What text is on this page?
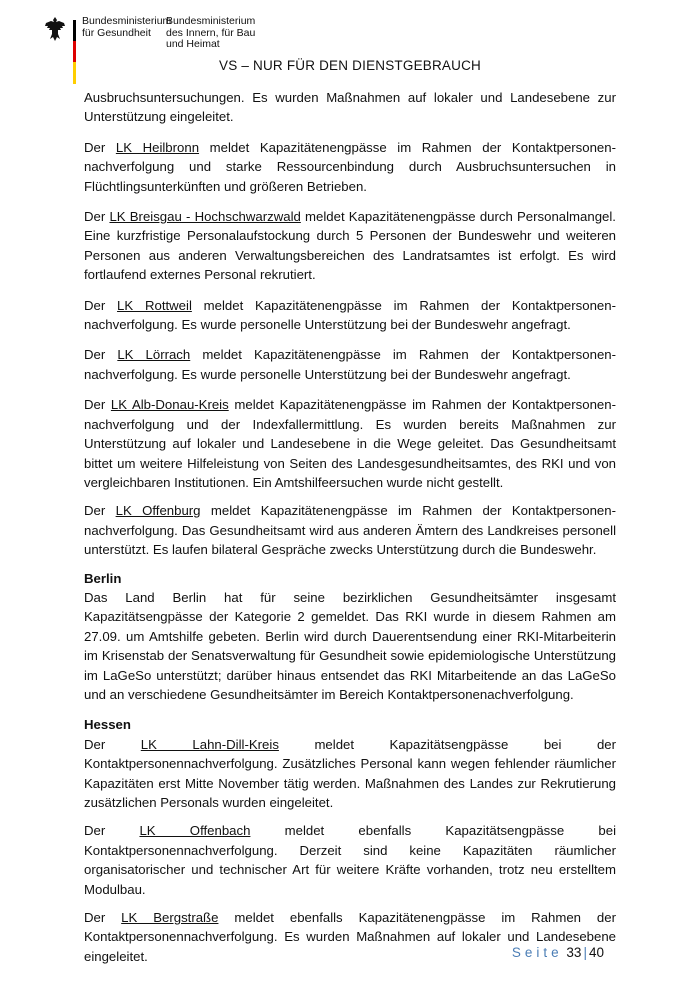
Bundesministerium
für Gesundheit
Bundesministerium
des Innern, für Bau
und Heimat
VS – NUR FÜR DEN DIENSTGEBRAUCH

Ausbruchsuntersuchungen. Es wurden Maßnahmen auf lokaler und Landesebene zur Unterstützung eingeleitet.

Der LK Heilbronn meldet Kapazitätenengpässe im Rahmen der Kontaktpersonen-nachverfolgung und starke Ressourcenbindung durch Ausbruchsuntersuchen in Flüchtlingsunterkünften und größeren Betrieben.

Der LK Breisgau - Hochschwarzwald meldet Kapazitätenengpässe durch Personalmangel. Eine kurzfristige Personalaufstockung durch 5 Personen der Bundeswehr und weiteren Personen aus anderen Verwaltungsbereichen des Landratsamtes ist erfolgt. Es wird fortlaufend externes Personal rekrutiert.

Der LK Rottweil meldet Kapazitätenengpässe im Rahmen der Kontaktpersonen-nachverfolgung. Es wurde personelle Unterstützung bei der Bundeswehr angefragt.

Der LK Lörrach meldet Kapazitätenengpässe im Rahmen der Kontaktpersonen-nachverfolgung. Es wurde personelle Unterstützung bei der Bundeswehr angefragt.

Der LK Alb-Donau-Kreis meldet Kapazitätenengpässe im Rahmen der Kontaktpersonen-nachverfolgung und der Indexfallermittlung. Es wurden bereits Maßnahmen zur Unterstützung auf lokaler und Landesebene in die Wege geleitet. Das Gesundheitsamt bittet um weitere Hilfeleistung von Seiten des Landesgesundheitsamtes, des RKI und von vergleichbaren Institutionen. Ein Amtshilfeersuchen wurde nicht gestellt.

Der LK Offenburg meldet Kapazitätenengpässe im Rahmen der Kontaktpersonen-nachverfolgung. Das Gesundheitsamt wird aus anderen Ämtern des Landkreises personell unterstützt. Es laufen bilateral Gespräche zwecks Unterstützung durch die Bundeswehr.

Berlin

Das Land Berlin hat für seine bezirklichen Gesundheitsämter insgesamt Kapazitätsengpässe der Kategorie 2 gemeldet. Das RKI wurde in diesem Rahmen am 27.09. um Amtshilfe gebeten. Berlin wird durch Dauerentsendung einer RKI-Mitarbeiterin im Krisenstab der Senatsverwaltung für Gesundheit sowie epidemiologische Unterstützung im LaGeSo unterstützt; darüber hinaus entsendet das RKI Mitarbeitende an das LaGeSo und an verschiedene Gesundheitsämter im Bereich Kontaktpersonenachverfolgung.

Hessen

Der LK Lahn-Dill-Kreis meldet Kapazitätsengpässe bei der Kontaktpersonennachverfolgung. Zusätzliches Personal kann wegen fehlender räumlicher Kapazitäten erst Mitte November tätig werden. Maßnahmen des Landes zur Rekrutierung zusätzlichen Personals wurden eingeleitet.

Der LK Offenbach meldet ebenfalls Kapazitätsengpässe bei Kontaktpersonennachverfolgung. Derzeit sind keine Kapazitäten räumlicher organisatorischer und technischer Art für weitere Kräfte vorhanden, trotz neu erstelltem Modulbau.

Der LK Bergstraße meldet ebenfalls Kapazitätenengpässe im Rahmen der Kontaktpersonennachverfolgung. Es wurden Maßnahmen auf lokaler und Landesebene eingeleitet.	Seite 33 | 40
